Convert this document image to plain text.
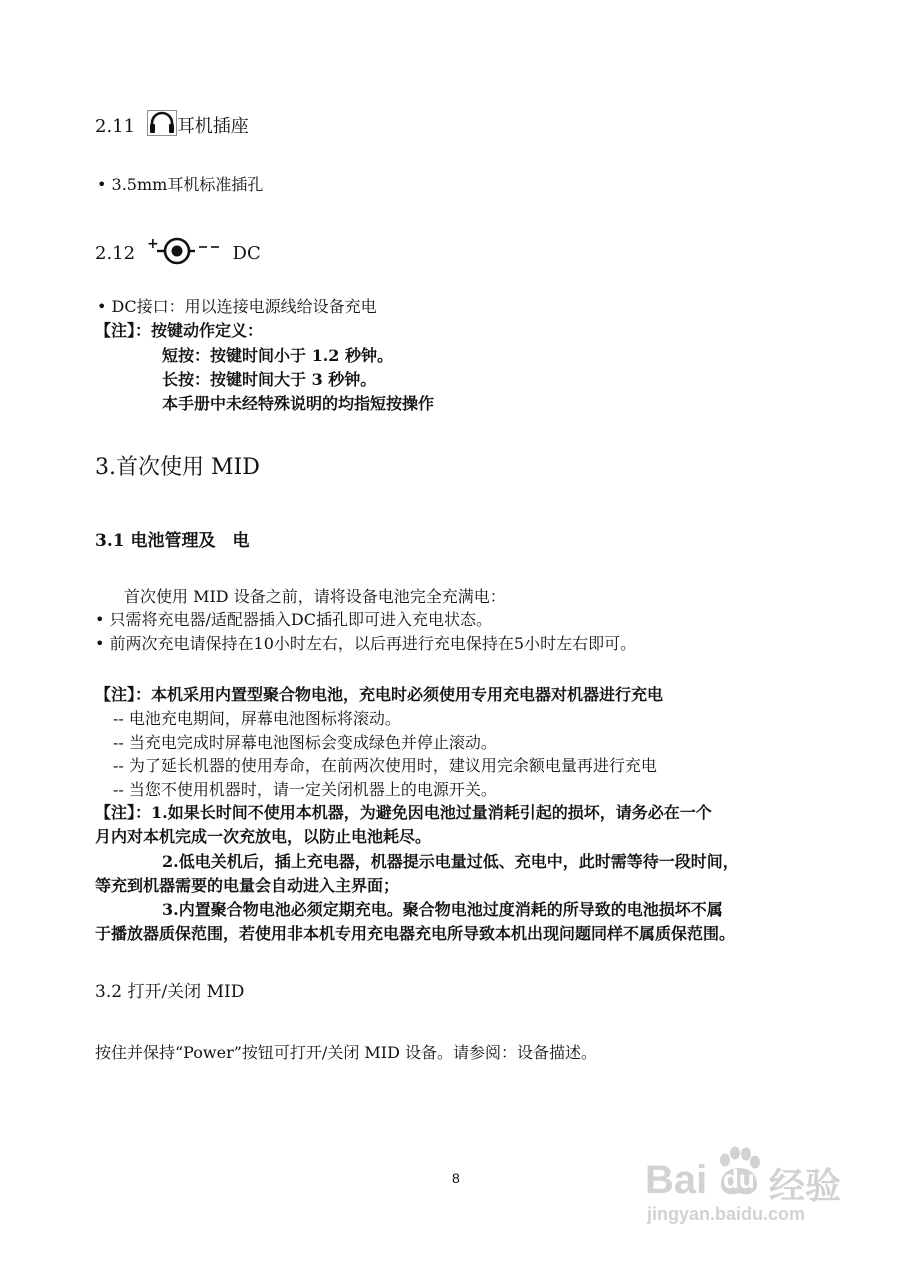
2.11 耳机插座
• 3.5mm耳机标准插孔
2.12 +	DC
• DC接口：用以连接电源线给设备充电
【注】：按键动作定义：
短按：按键时间小于 1.2 秒钟。
长按：按键时间大于 3 秒钟。
本手册中未经特殊说明的均指短按操作
3.首次使用 MID
3.1 电池管理及　电
首次使用 MID 设备之前，请将设备电池完全充满电：
• 只需将充电器/适配器插入DC插孔即可进入充电状态。
• 前两次充电请保持在10小时左右，以后再进行充电保持在5小时左右即可。
【注】：本机采用内置型聚合物电池，充电时必须使用专用充电器对机器进行充电
-- 电池充电期间，屏幕电池图标将滚动。
-- 当充电完成时屏幕电池图标会变成绿色并停止滚动。
-- 为了延长机器的使用寿命，在前两次使用时，建议用完余额电量再进行充电
-- 当您不使用机器时，请一定关闭机器上的电源开关。
【注】：1.如果长时间不使用本机器，为避免因电池过量消耗引起的损坏，请务必在一个
月内对本机完成一次充放电，以防止电池耗尽。
2.低电关机后，插上充电器，机器提示电量过低、充电中，此时需等待一段时间，
等充到机器需要的电量会自动进入主界面；
3.内置聚合物电池必须定期充电。聚合物电池过度消耗的所导致的电池损坏不属
于播放器质保范围，若使用非本机专用充电器充电所导致本机出现问题同样不属质保范围。
3.2 打开/关闭 MID
按住并保持“Power”按钮可打开/关闭 MID 设备。请参阅：设备描述。
8	Bai du 经验
jingyan.baidu.com
